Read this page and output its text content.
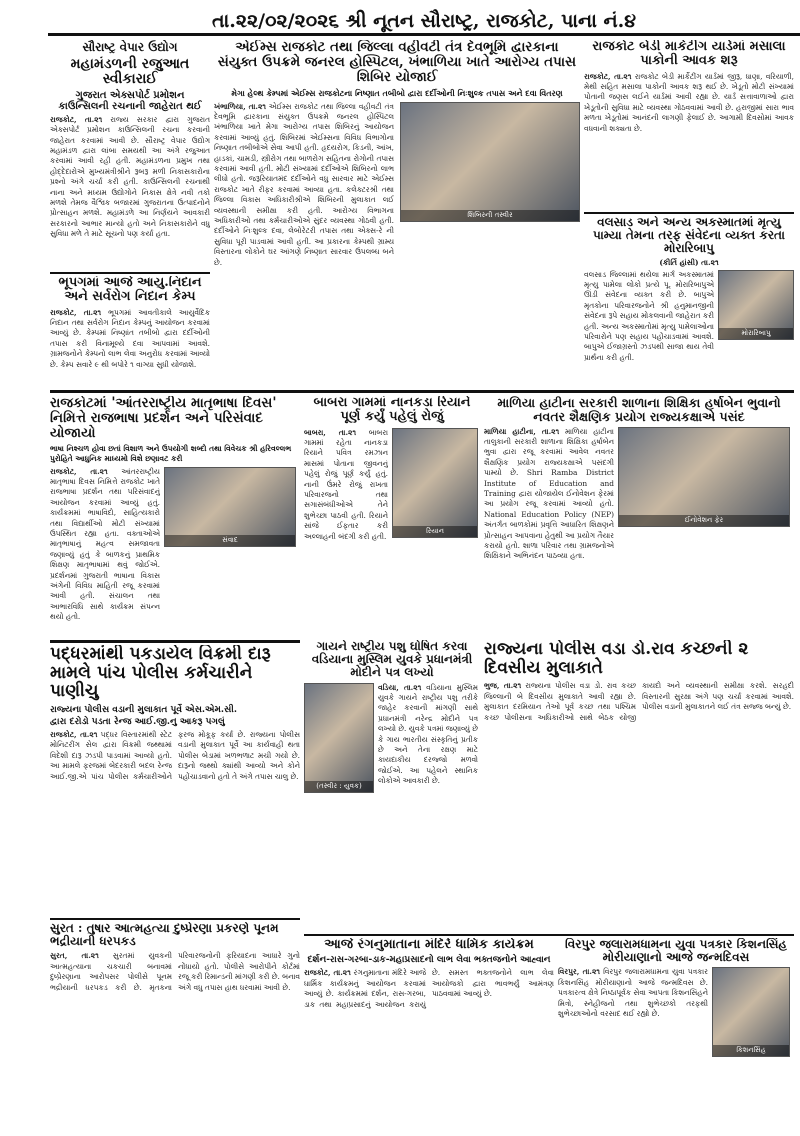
તા.૨૨/૦૨/૨૦૨૬ શ્રી નૂતન સૌરાષ્ટ્ર, રાજકોટ, પાના નં.૪
સૌરાષ્ટ્ર વેપાર ઉદ્યોગ
મહામંડળની રજુઆત સ્વીકારાઈ
ગુજરાત એક્સપોર્ટ પ્રમોશન
કાઉન્સિલની રચનાની જાહેરાત થઈ
રાજકોટ, તા.૨૧ રાજ્ય સરકાર દ્વારા ગુજરાત એક્સપોર્ટ પ્રમોશન કાઉન્સિલની રચના કરવાની જાહેરાત કરવામાં આવી છે. સૌરાષ્ટ્ર વેપાર ઉદ્યોગ મહામંડળ દ્વારા લાંબા સમયથી આ અંગે રજુઆત કરવામાં આવી રહી હતી. મહામંડળના પ્રમુખ તથા હોદ્દેદારોએ મુખ્યમંત્રીશ્રીને રૂબરૂ મળી નિકાસકારોના પ્રશ્નો અંગે ચર્ચા કરી હતી. કાઉન્સિલની રચનાથી નાના અને મધ્યમ ઉદ્યોગોને નિકાસ ક્ષેત્રે નવી તકો મળશે તેમજ વૈશ્વિક બજારમાં ગુજરાતના ઉત્પાદનોને પ્રોત્સાહન મળશે. મહામંડળે આ નિર્ણયને આવકારી સરકારનો આભાર માન્યો હતો અને નિકાસકારોને વધુ સુવિધા મળે તે માટે સૂચનો પણ કર્યા હતા.
ભૂપગમાં આજે આયુ.નિદાન અને સર્વરોગ નિદાન કેમ્પ
રાજકોટ, તા.૨૧ ભૂપગમાં આવતીકાલે આયુર્વેદિક નિદાન તથા સર્વરોગ નિદાન કેમ્પનું આયોજન કરવામાં આવ્યું છે. કેમ્પમાં નિષ્ણાંત તબીબો દ્વારા દર્દીઓની તપાસ કરી વિનામૂલ્યે દવા આપવામાં આવશે. ગ્રામજનોને કેમ્પનો લાભ લેવા અનુરોધ કરવામાં આવ્યો છે. કેમ્પ સવારે ૯ થી બપોરે ૧ વાગ્યા સુધી યોજાશે.
એઈમ્સ રાજકોટ તથા જિલ્લા વહીવટી તંત્ર દેવભૂમિ દ્વારકાના સંયુક્ત ઉપક્રમે જનરલ હોસ્પિટલ, ખંભાળિયા ખાતે આરોગ્ય તપાસ શિબિર યોજાઈ
મેગા હેલ્થ કેમ્પમાં એઈમ્સ રાજકોટના નિષ્ણાત તબીબો દ્વારા દર્દીઓની નિઃશુલ્ક તપાસ અને દવા વિતરણ
ખંભાળિયા, તા.૨૧ એઈમ્સ રાજકોટ તથા જિલ્લા વહીવટી તંત્ર દેવભૂમિ દ્વારકાના સંયુક્ત ઉપક્રમે જનરલ હોસ્પિટલ ખંભાળિયા ખાતે મેગા આરોગ્ય તપાસ શિબિરનું આયોજન કરવામાં આવ્યું હતું. શિબિરમાં એઈમ્સના વિવિધ વિભાગોના નિષ્ણાત તબીબોએ સેવા આપી હતી. હૃદયરોગ, કિડની, આંખ, હાડકાં, ચામડી, સ્ત્રીરોગ તથા બાળરોગ સહિતના રોગોની તપાસ કરવામાં આવી હતી. મોટી સંખ્યામાં દર્દીઓએ શિબિરનો લાભ લીધો હતો. જરૂરિયાતમંદ દર્દીઓને વધુ સારવાર માટે એઈમ્સ રાજકોટ ખાતે રીફર કરવામાં આવ્યા હતા. કલેક્ટરશ્રી તથા જિલ્લા વિકાસ અધિકારીશ્રીએ શિબિરની મુલાકાત લઈ વ્યવસ્થાની સમીક્ષા કરી હતી. આરોગ્ય વિભાગના અધિકારીઓ તથા કર્મચારીઓએ સુંદર વ્યવસ્થા ગોઠવી હતી. દર્દીઓને નિઃશુલ્ક દવા, લેબોરેટરી તપાસ તથા એક્સ-રે ની સુવિધા પૂરી પાડવામાં આવી હતી. આ પ્રકારના કેમ્પથી ગ્રામ્ય વિસ્તારના લોકોને ઘર આંગણે નિષ્ણાત સારવાર ઉપલબ્ધ બને છે.
શિબિરની તસ્વીર
રાજકોટ બેડી માર્કેટીંગ યાર્ડમાં મસાલા પાકોની આવક શરૂ
રાજકોટ, તા.૨૧ રાજકોટ બેડી માર્કેટીંગ યાર્ડમાં જીરૂ, ધાણા, વરિયાળી, મેથી સહિત મસાલા પાકોની આવક શરૂ થઈ છે. ખેડૂતો મોટી સંખ્યામાં પોતાની જણસ લઈને યાર્ડમાં આવી રહ્યા છે. યાર્ડ સત્તાવાળાઓ દ્વારા ખેડૂતોની સુવિધા માટે વ્યવસ્થા ગોઠવવામાં આવી છે. હરાજીમાં સારા ભાવ મળતા ખેડૂતોમાં આનંદની લાગણી ફેલાઈ છે. આગામી દિવસોમાં આવક વધવાની શક્યતા છે.
વલસાડ અને અન્ય અકસ્માતમાં મૃત્યુ પામ્યા તેમના તરફ સંવેદના વ્યક્ત કરતા મોરારિબાપુ
(કીર્તિ હાંસી) તા.૨૧
વલસાડ જિલ્લામાં થયેલા માર્ગ અકસ્માતમાં મૃત્યુ પામેલા લોકો પ્રત્યે પૂ. મોરારિબાપુએ ઊંડી સંવેદના વ્યક્ત કરી છે. બાપુએ મૃતકોના પરિવારજનોને શ્રી હનુમાનજીની સંવેદના રૂપે સહાય મોકલવાની જાહેરાત કરી હતી. અન્ય અકસ્માતોમાં મૃત્યુ પામેલાઓના પરિવારોને પણ સહાય પહોંચાડવામાં આવશે. બાપુએ ઈજાગ્રસ્તો ઝડપથી સાજા થાય તેવી પ્રાર્થના કરી હતી.
મોરારિબાપુ
રાજકોટમાં 'આંતરરાષ્ટ્રીય માતૃભાષા દિવસ' નિમિત્તે રાજભાષા પ્રદર્શન અને પરિસંવાદ યોજાયો
ભાષા નિશ્ચળ હોવા છતાં વિશાળ અને ઉપયોગી શબ્દો તથા વિવેચક શ્રી હરિવલ્લભ પુરોહિતે આધુનિક માધ્યમો વિશે છણાવટ કરી
રાજકોટ, તા.૨૧ આંતરરાષ્ટ્રીય માતૃભાષા દિવસ નિમિત્તે રાજકોટ ખાતે રાજભાષા પ્રદર્શન તથા પરિસંવાદનું આયોજન કરવામાં આવ્યું હતું. કાર્યક્રમમાં ભાષાવિદો, સાહિત્યકારો તથા વિદ્યાર્થીઓ મોટી સંખ્યામાં ઉપસ્થિત રહ્યા હતા. વક્તાઓએ માતૃભાષાનું મહત્વ સમજાવતા જણાવ્યું હતું કે બાળકનું પ્રાથમિક શિક્ષણ માતૃભાષામાં થવું જોઈએ. પ્રદર્શનમાં ગુજરાતી ભાષાના વિકાસ અંગેની વિવિધ માહિતી રજૂ કરવામાં આવી હતી. સંચાલન તથા આભારવિધિ સાથે કાર્યક્રમ સંપન્ન થયો હતો.
સંવાદ
બાબરા ગામમાં નાનકડા રિયાને પૂર્ણ કર્યું પહેલું રોજું
બાબરા, તા.૨૧ બાબરા ગામમાં રહેતા નાનકડા રિયાને પવિત્ર રમઝાન માસમાં પોતાના જીવનનું પહેલું રોજું પૂર્ણ કર્યું હતું. નાની ઉંમરે રોજું રાખતા પરિવારજનો તથા સગાસંબંધીઓએ તેને શુભેચ્છા પાઠવી હતી. રિયાને સાંજે ઈફતાર કરી અલ્લાહની બંદગી કરી હતી.
રિયાન
માળિયા હાટીના સરકારી શાળાના શિક્ષિકા હર્ષાબેન ભુવાનો નવતર શૈક્ષણિક પ્રયોગ રાજ્યકક્ષાએ પસંદ
માળિયા હાટીના, તા.૨૧ માળિયા હાટીના તાલુકાની સરકારી શાળાના શિક્ષિકા હર્ષાબેન ભુવા દ્વારા રજૂ કરવામાં આવેલ નવતર શૈક્ષણિક પ્રયોગ રાજ્યકક્ષાએ પસંદગી પામ્યો છે. Shri Ramba District Institute of Education and Training દ્વારા યોજાયેલ ઈનોવેશન ફેરમાં આ પ્રયોગ રજૂ કરવામાં આવ્યો હતો. National Education Policy (NEP) અંતર્ગત બાળકોમાં પ્રવૃત્તિ આધારિત શિક્ષણને પ્રોત્સાહન આપવાના હેતુથી આ પ્રયોગ તૈયાર કરાયો હતો. શાળા પરિવાર તથા ગ્રામજનોએ શિક્ષિકાને અભિનંદન પાઠવ્યા હતા.
ઈનોવેશન ફેર
પદ્ધરમાંથી પકડાયેલ વિક્રમી દારૂ મામલે પાંચ પોલીસ કર્મચારીને પાણીચુ
રાજ્યના પોલીસ વડાની મુલાકાત પૂર્વે એસ.એમ.સી.
દ્વારા દરોડો પડતા રેન્જ આઈ.જી.નુ આકરૂ પગલું
રાજકોટ, તા.૨૧ પદ્ધર વિસ્તારમાંથી સ્ટેટ મોનિટરીંગ સેલ દ્વારા વિક્રમી જથ્થામાં વિદેશી દારૂ ઝડપી પાડવામાં આવ્યો હતો. આ મામલે ફરજમાં બેદરકારી બદલ રેન્જ આઈ.જી.એ પાંચ પોલીસ કર્મચારીઓને ફરજ મોકૂફ કર્યા છે. રાજ્યના પોલીસ વડાની મુલાકાત પૂર્વે આ કાર્યવાહી થતા પોલીસ બેડામાં ખળભળાટ મચી ગયો છે. દારૂનો જથ્થો ક્યાંથી આવ્યો અને કોને પહોંચાડવાનો હતો તે અંગે તપાસ ચાલુ છે.
સુરત : તુષાર આત્મહત્યા દુષ્પ્રેરણા પ્રકરણે પૂનમ ભદ્રીયાની ધરપકડ
સુરત, તા.૨૧ સુરતમાં યુવકની આત્મહત્યાના ચકચારી બનાવમાં દુષ્પ્રેરણાના આરોપસર પોલીસે પૂનમ ભદ્રીયાની ધરપકડ કરી છે. મૃતકના પરિવારજનોની ફરિયાદના આધારે ગુનો નોંધાયો હતો. પોલીસે આરોપીને કોર્ટમાં રજૂ કરી રિમાન્ડની માંગણી કરી છે. બનાવ અંગે વધુ તપાસ હાથ ધરવામાં આવી છે.
ગાયને રાષ્ટ્રીય પશુ ઘોષિત કરવા વડિયાના મુસ્લિમ યુવકે પ્રધાનમંત્રી મોદીને પત્ર લખ્યો
(તસ્વીર : યુવક)
વડિયા, તા.૨૧ વડિયાના મુસ્લિમ યુવકે ગાયને રાષ્ટ્રીય પશુ તરીકે જાહેર કરવાની માંગણી સાથે પ્રધાનમંત્રી નરેન્દ્ર મોદીને પત્ર લખ્યો છે. યુવકે પત્રમાં જણાવ્યું છે કે ગાય ભારતીય સંસ્કૃતિનું પ્રતીક છે અને તેના રક્ષણ માટે કાયદાકીય દરજ્જો મળવો જોઈએ. આ પહેલને સ્થાનિક લોકોએ આવકારી છે.
રાજ્યના પોલીસ વડા ડો.રાવ કચ્છની ૨ દિવસીય મુલાકાતે
ભુજ, તા.૨૧ રાજ્યના પોલીસ વડા ડો. રાવ કચ્છ જિલ્લાની બે દિવસીય મુલાકાતે આવી રહ્યા છે. મુલાકાત દરમિયાન તેઓ પૂર્વ કચ્છ તથા પશ્ચિમ કચ્છ પોલીસના અધિકારીઓ સાથે બેઠક યોજી કાયદો અને વ્યવસ્થાની સમીક્ષા કરશે. સરહદી વિસ્તારની સુરક્ષા અંગે પણ ચર્ચા કરવામાં આવશે. પોલીસ વડાની મુલાકાતને લઈ તંત્ર સજ્જ બન્યું છે.
આજે રંગનુમાતાના મંદિરે ધાર્મિક કાર્યક્રમ
દર્શન-રાસ-ગરબા-ડાક-મહાપ્રસાદનો લાભ લેવા ભક્તજનોને આહ્વાન
રાજકોટ, તા.૨૧ રંગનુમાતાના મંદિરે આજે ધાર્મિક કાર્યક્રમનું આયોજન કરવામાં આવ્યું છે. કાર્યક્રમમાં દર્શન, રાસ-ગરબા, ડાક તથા મહાપ્રસાદનું આયોજન કરાયું છે. સમસ્ત ભક્તજનોને લાભ લેવા આયોજકો દ્વારા ભાવભર્યું આમંત્રણ પાઠવવામાં આવ્યું છે.
વિરપુર જલારામધામના યુવા પત્રકાર કિશનસિંહ મોરીયાણાનો આજે જન્મદિવસ
વિરપુર, તા.૨૧ વિરપુર જલારામધામના યુવા પત્રકાર કિશનસિંહ મોરીયાણાનો આજે જન્મદિવસ છે. પત્રકારત્વ ક્ષેત્રે નિષ્ઠાપૂર્વક સેવા આપતા કિશનસિંહને મિત્રો, સ્નેહીજનો તથા શુભેચ્છકો તરફથી શુભેચ્છાઓનો વરસાદ થઈ રહ્યો છે.
કિશનસિંહ
